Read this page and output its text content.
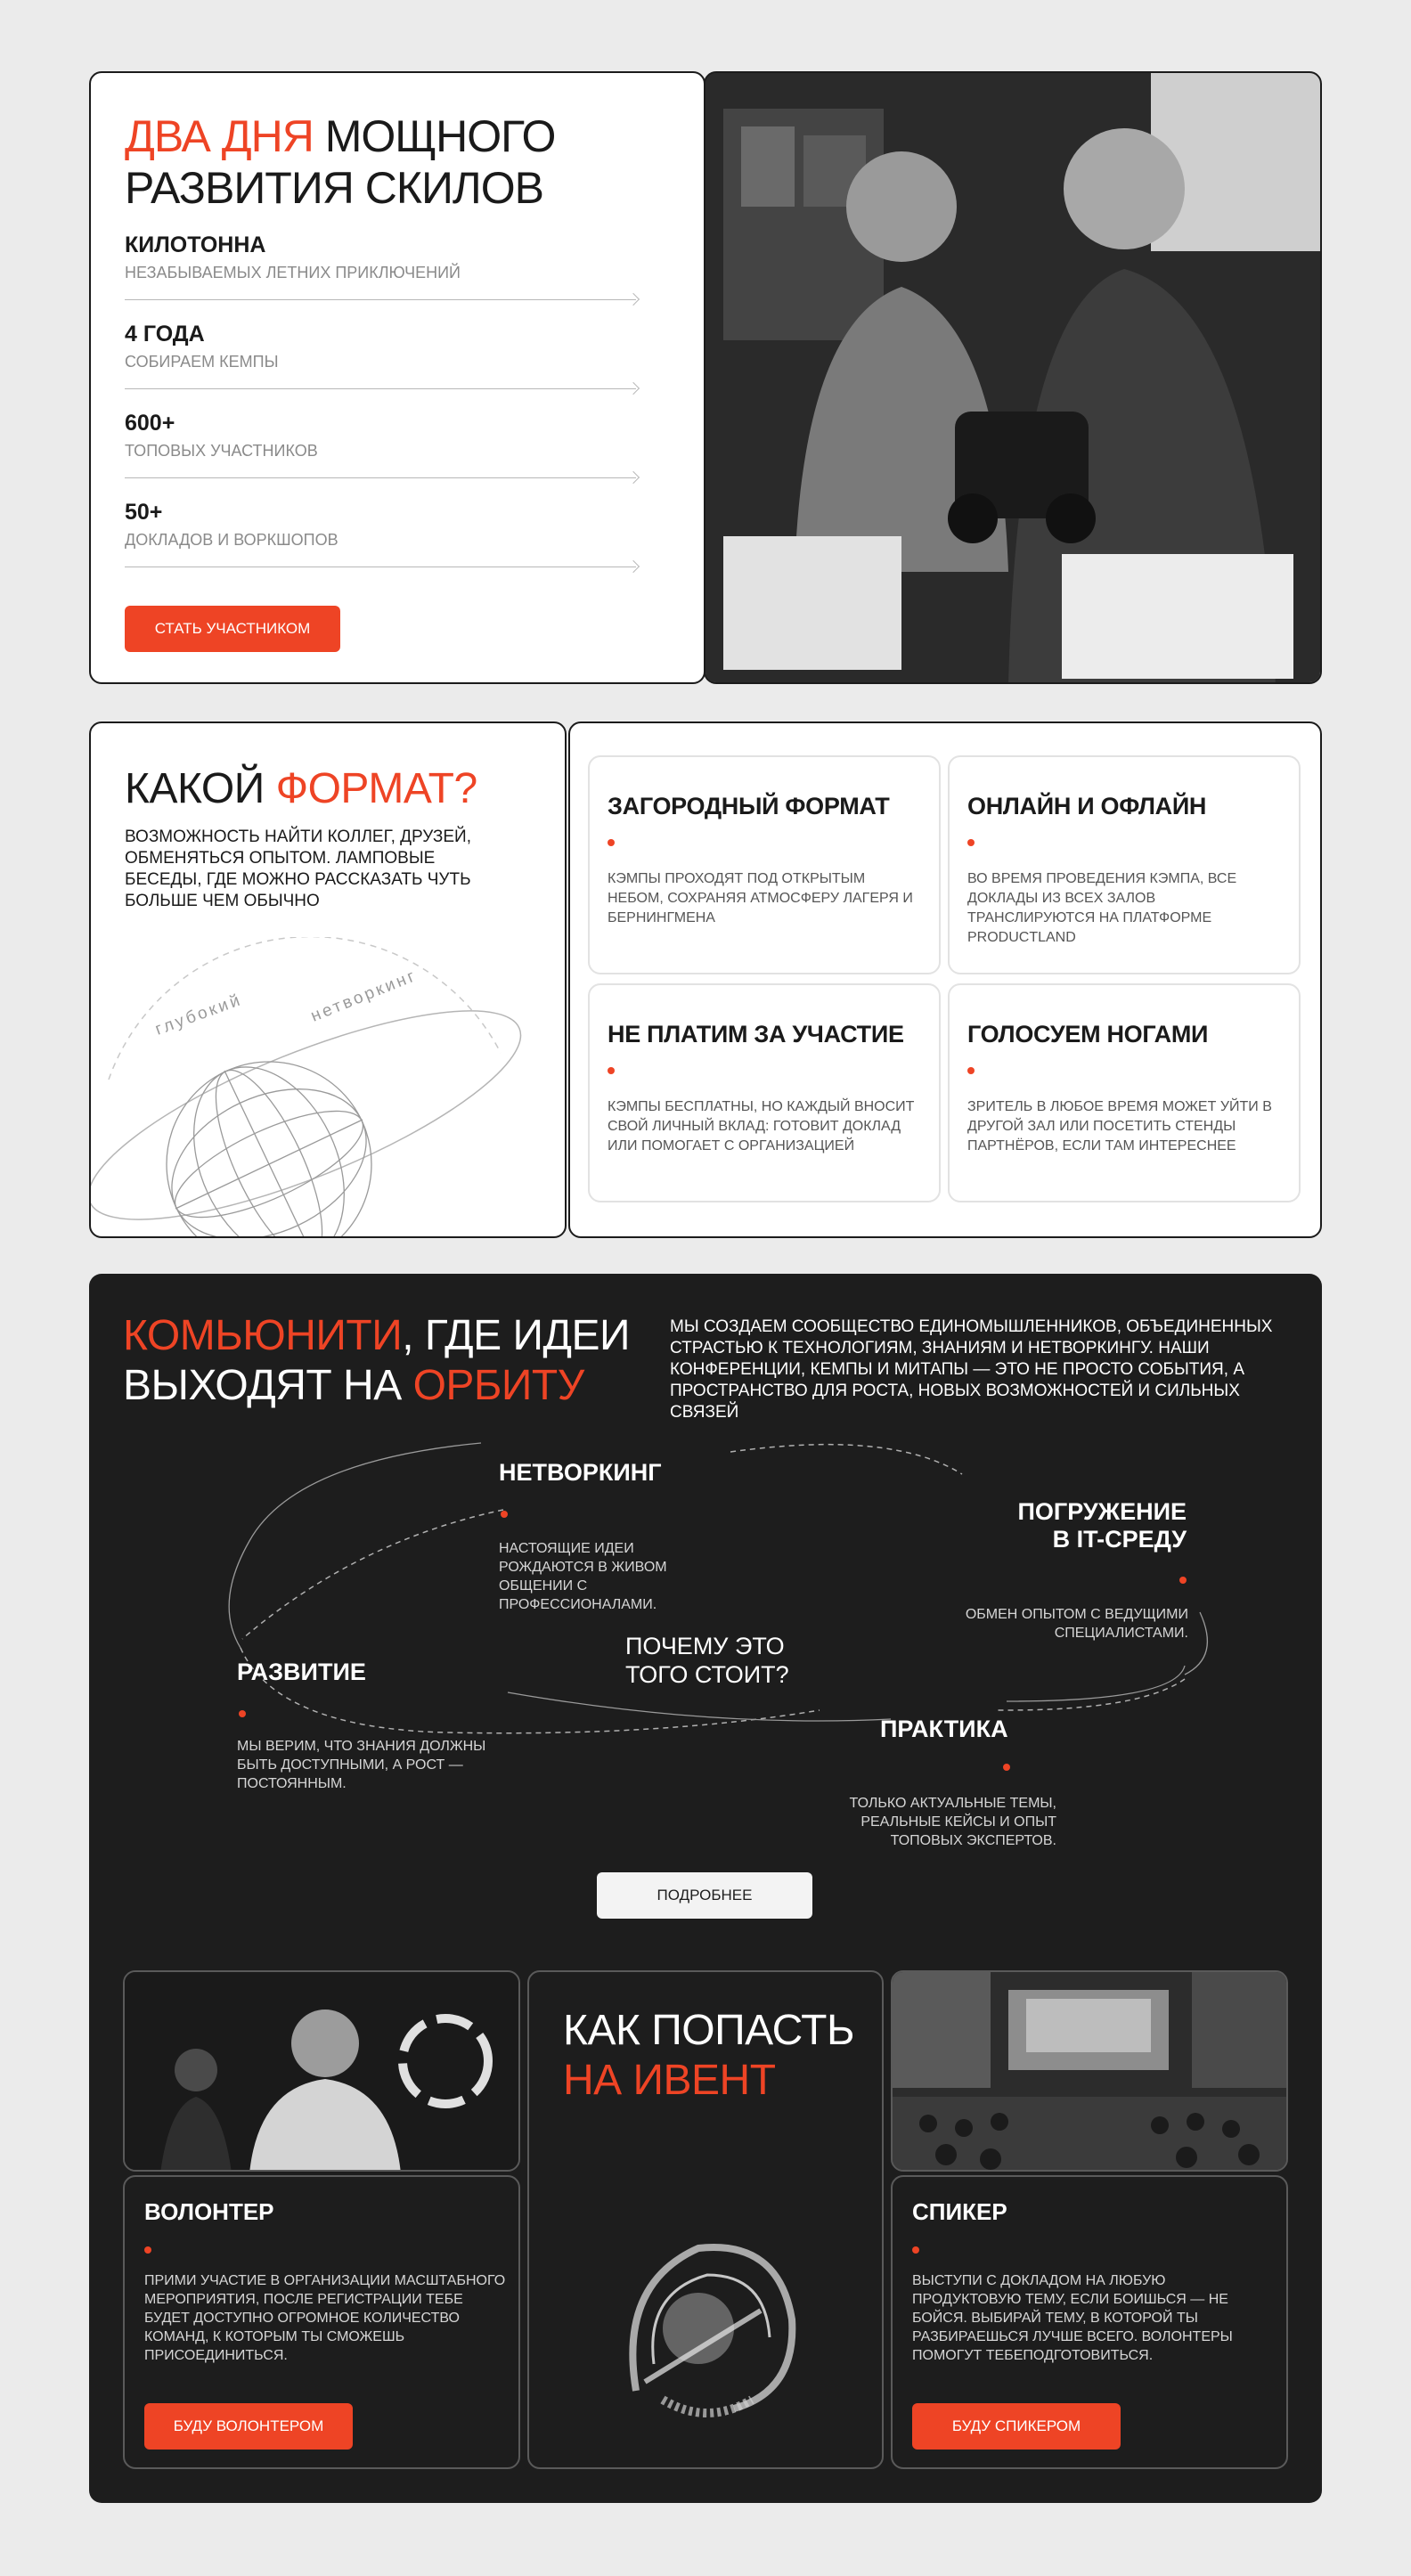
ДВА ДНЯ МОЩНОГО
РАЗВИТИЯ СКИЛОВ
КИЛОТОННА
НЕЗАБЫВАЕМЫХ ЛЕТНИХ ПРИКЛЮЧЕНИЙ
4 ГОДА
СОБИРАЕМ КЕМПЫ
600+
ТОПОВЫХ УЧАСТНИКОВ
50+
ДОКЛАДОВ И ВОРКШОПОВ
СТАТЬ УЧАСТНИКОМ
КАКОЙ ФОРМАТ?

ВОЗМОЖНОСТЬ НАЙТИ КОЛЛЕГ, ДРУЗЕЙ, ОБМЕНЯТЬСЯ ОПЫТОМ. ЛАМПОВЫЕ БЕСЕДЫ, ГДЕ МОЖНО РАССКАЗАТЬ ЧУТЬ БОЛЬШЕ ЧЕМ ОБЫЧНО

глубокий	нетворкинг
ЗАГОРОДНЫЙ ФОРМАТ
КЭМПЫ ПРОХОДЯТ ПОД ОТКРЫТЫМ НЕБОМ, СОХРАНЯЯ АТМОСФЕРУ ЛАГЕРЯ И БЕРНИНГМЕНА
ОНЛАЙН И ОФЛАЙН
ВО ВРЕМЯ ПРОВЕДЕНИЯ КЭМПА, ВСЕ ДОКЛАДЫ ИЗ ВСЕХ ЗАЛОВ ТРАНСЛИРУЮТСЯ НА ПЛАТФОРМЕ PRODUCTLAND
НЕ ПЛАТИМ ЗА УЧАСТИЕ
КЭМПЫ БЕСПЛАТНЫ, НО КАЖДЫЙ ВНОСИТ СВОЙ ЛИЧНЫЙ ВКЛАД: ГОТОВИТ ДОКЛАД ИЛИ ПОМОГАЕТ С ОРГАНИЗАЦИЕЙ
ГОЛОСУЕМ НОГАМИ
ЗРИТЕЛЬ В ЛЮБОЕ ВРЕМЯ МОЖЕТ УЙТИ В ДРУГОЙ ЗАЛ ИЛИ ПОСЕТИТЬ СТЕНДЫ ПАРТНЁРОВ, ЕСЛИ ТАМ ИНТЕРЕСНЕЕ
КОМЬЮНИТИ, ГДЕ ИДЕИ
ВЫХОДЯТ НА ОРБИТУ

МЫ СОЗДАЕМ СООБЩЕСТВО ЕДИНОМЫШЛЕННИКОВ, ОБЪЕДИНЕННЫХ СТРАСТЬЮ К ТЕХНОЛОГИЯМ, ЗНАНИЯМ И НЕТВОРКИНГУ. НАШИ КОНФЕРЕНЦИИ, КЕМПЫ И МИТАПЫ — ЭТО НЕ ПРОСТО СОБЫТИЯ, А ПРОСТРАНСТВО ДЛЯ РОСТА, НОВЫХ ВОЗМОЖНОСТЕЙ И СИЛЬНЫХ СВЯЗЕЙ

НЕТВОРКИНГ
НАСТОЯЩИЕ ИДЕИ РОЖДАЮТСЯ В ЖИВОМ ОБЩЕНИИ С ПРОФЕССИОНАЛАМИ.
ПОГРУЖЕНИЕ
В IT-СРЕДУ
ОБМЕН ОПЫТОМ С ВЕДУЩИМИ СПЕЦИАЛИСТАМИ.
ПОЧЕМУ ЭТО
ТОГО СТОИТ?
РАЗВИТИЕ
МЫ ВЕРИМ, ЧТО ЗНАНИЯ ДОЛЖНЫ БЫТЬ ДОСТУПНЫМИ, А РОСТ — ПОСТОЯННЫМ.
ПРАКТИКА
ТОЛЬКО АКТУАЛЬНЫЕ ТЕМЫ, РЕАЛЬНЫЕ КЕЙСЫ И ОПЫТ ТОПОВЫХ ЭКСПЕРТОВ.
ПОДРОБНЕЕ
ВОЛОНТЕР
ПРИМИ УЧАСТИЕ В ОРГАНИЗАЦИИ МАСШТАБНОГО МЕРОПРИЯТИЯ, ПОСЛЕ РЕГИСТРАЦИИ ТЕБЕ БУДЕТ ДОСТУПНО ОГРОМНОЕ КОЛИЧЕСТВО КОМАНД, К КОТОРЫМ ТЫ СМОЖЕШЬ ПРИСОЕДИНИТЬСЯ.
БУДУ ВОЛОНТЕРОМ
КАК ПОПАСТЬ
НА ИВЕНТ
СПИКЕР
ВЫСТУПИ С ДОКЛАДОМ НА ЛЮБУЮ ПРОДУКТОВУЮ ТЕМУ, ЕСЛИ БОИШЬСЯ — НЕ БОЙСЯ. ВЫБИРАЙ ТЕМУ, В КОТОРОЙ ТЫ РАЗБИРАЕШЬСЯ ЛУЧШЕ ВСЕГО. ВОЛОНТЕРЫ ПОМОГУТ ТЕБЕПОДГОТОВИТЬСЯ.
БУДУ СПИКЕРОМ
